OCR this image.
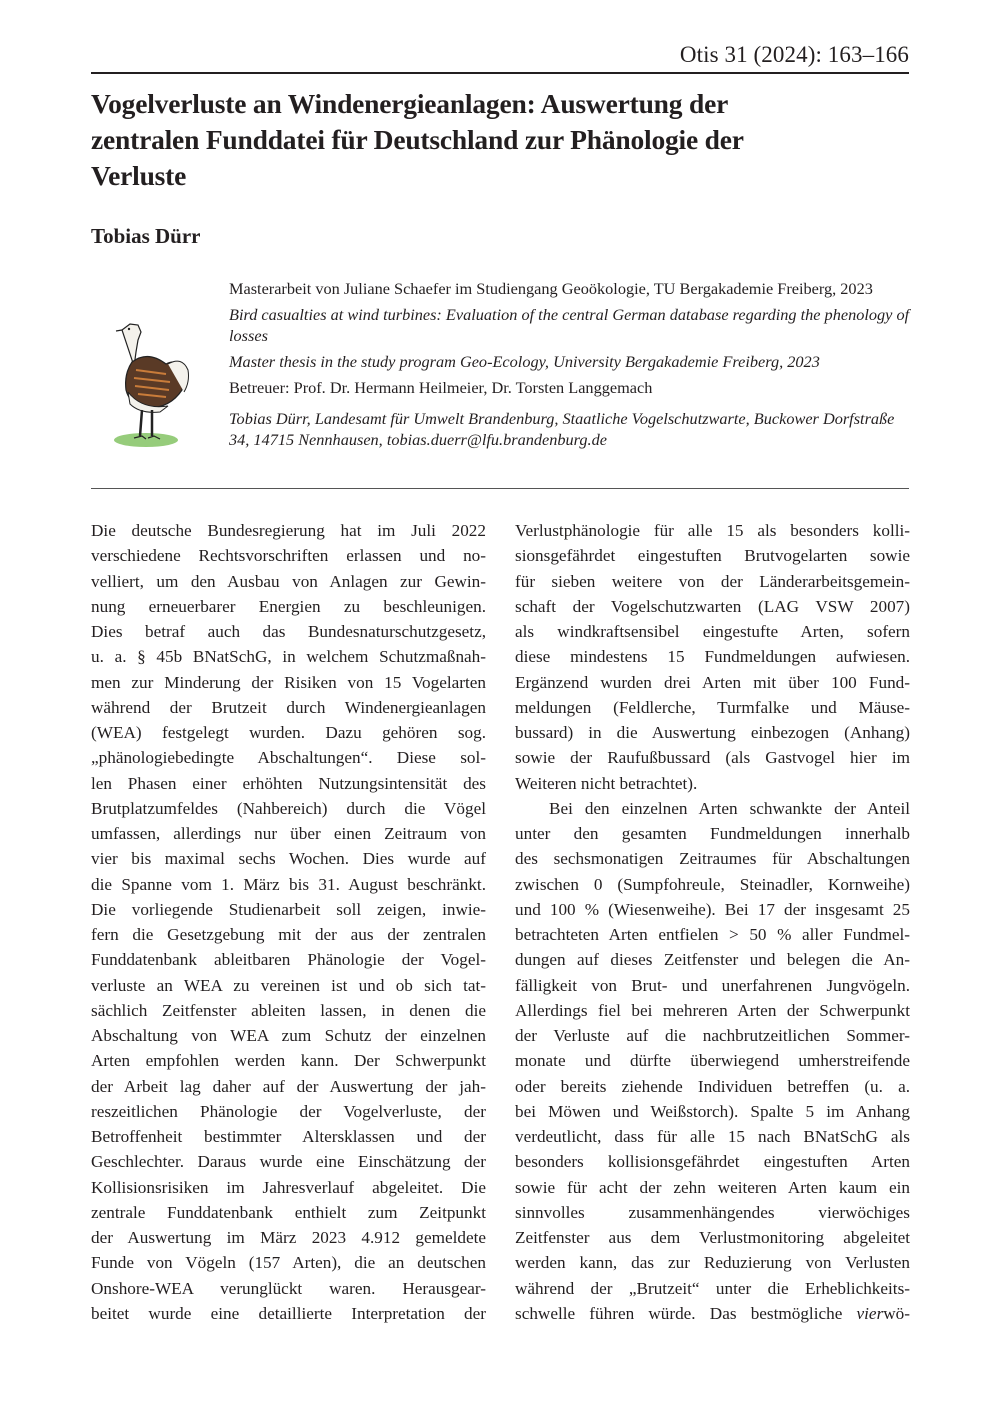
Otis 31 (2024): 163–166
Vogelverluste an Windenergieanlagen: Auswertung der
zentralen Funddatei für Deutschland zur Phänologie der
Verluste
Tobias Dürr

Masterarbeit von Juliane Schaefer im Studiengang Geoökologie, TU Bergakademie Freiberg, 2023

Bird casualties at wind turbines: Evaluation of the central German database regarding the phenology of losses

Master thesis in the study program Geo-Ecology, University Bergakademie Freiberg, 2023

Betreuer: Prof. Dr. Hermann Heilmeier, Dr. Torsten Langgemach

Tobias Dürr, Landesamt für Umwelt Brandenburg, Staatliche Vogelschutzwarte, Buckower Dorfstraße 34, 14715 Nennhausen, tobias.duerr@lfu.brandenburg.de

Die deutsche Bundesregierung hat im Juli 2022
verschiedene Rechtsvorschriften erlassen und no-
velliert, um den Ausbau von Anlagen zur Gewin-
nung erneuerbarer Energien zu beschleunigen.
Dies betraf auch das Bundesnaturschutzgesetz,
u. a. § 45b BNatSchG, in welchem Schutzmaßnah-
men zur Minderung der Risiken von 15 Vogelarten
während der Brutzeit durch Windenergieanlagen
(WEA) festgelegt wurden. Dazu gehören sog.
„phänologiebedingte Abschaltungen“. Diese sol-
len Phasen einer erhöhten Nutzungsintensität des
Brutplatzumfeldes (Nahbereich) durch die Vögel
umfassen, allerdings nur über einen Zeitraum von
vier bis maximal sechs Wochen. Dies wurde auf
die Spanne vom 1. März bis 31. August beschränkt.
Die vorliegende Studienarbeit soll zeigen, inwie-
fern die Gesetzgebung mit der aus der zentralen
Funddatenbank ableitbaren Phänologie der Vogel-
verluste an WEA zu vereinen ist und ob sich tat-
sächlich Zeitfenster ableiten lassen, in denen die
Abschaltung von WEA zum Schutz der einzelnen
Arten empfohlen werden kann. Der Schwerpunkt
der Arbeit lag daher auf der Auswertung der jah-
reszeitlichen Phänologie der Vogelverluste, der
Betroffenheit bestimmter Altersklassen und der
Geschlechter. Daraus wurde eine Einschätzung der
Kollisionsrisiken im Jahresverlauf abgeleitet. Die
zentrale Funddatenbank enthielt zum Zeitpunkt
der Auswertung im März 2023 4.912 gemeldete
Funde von Vögeln (157 Arten), die an deutschen
Onshore-WEA verunglückt waren. Herausgear-
beitet wurde eine detaillierte Interpretation der

Verlustphänologie für alle 15 als besonders kolli-
sionsgefährdet eingestuften Brutvogelarten sowie
für sieben weitere von der Länderarbeitsgemein-
schaft der Vogelschutzwarten (LAG VSW 2007)
als windkraftsensibel eingestufte Arten, sofern
diese mindestens 15 Fundmeldungen aufwiesen.
Ergänzend wurden drei Arten mit über 100 Fund-
meldungen (Feldlerche, Turmfalke und Mäuse-
bussard) in die Auswertung einbezogen (Anhang)
sowie der Raufußbussard (als Gastvogel hier im
Weiteren nicht betrachtet).

Bei den einzelnen Arten schwankte der Anteil
unter den gesamten Fundmeldungen innerhalb
des sechsmonatigen Zeitraumes für Abschaltungen
zwischen 0 (Sumpfohreule, Steinadler, Kornweihe)
und 100 % (Wiesenweihe). Bei 17 der insgesamt 25
betrachteten Arten entfielen > 50 % aller Fundmel-
dungen auf dieses Zeitfenster und belegen die An-
fälligkeit von Brut- und unerfahrenen Jungvögeln.
Allerdings fiel bei mehreren Arten der Schwerpunkt
der Verluste auf die nachbrutzeitlichen Sommer-
monate und dürfte überwiegend umherstreifende
oder bereits ziehende Individuen betreffen (u. a.
bei Möwen und Weißstorch). Spalte 5 im Anhang
verdeutlicht, dass für alle 15 nach BNatSchG als
besonders kollisionsgefährdet eingestuften Arten
sowie für acht der zehn weiteren Arten kaum ein
sinnvolles zusammenhängendes vierwöchiges
Zeitfenster aus dem Verlustmonitoring abgeleitet
werden kann, das zur Reduzierung von Verlusten
während der „Brutzeit“ unter die Erheblichkeits-
schwelle führen würde. Das bestmögliche vierwö-
